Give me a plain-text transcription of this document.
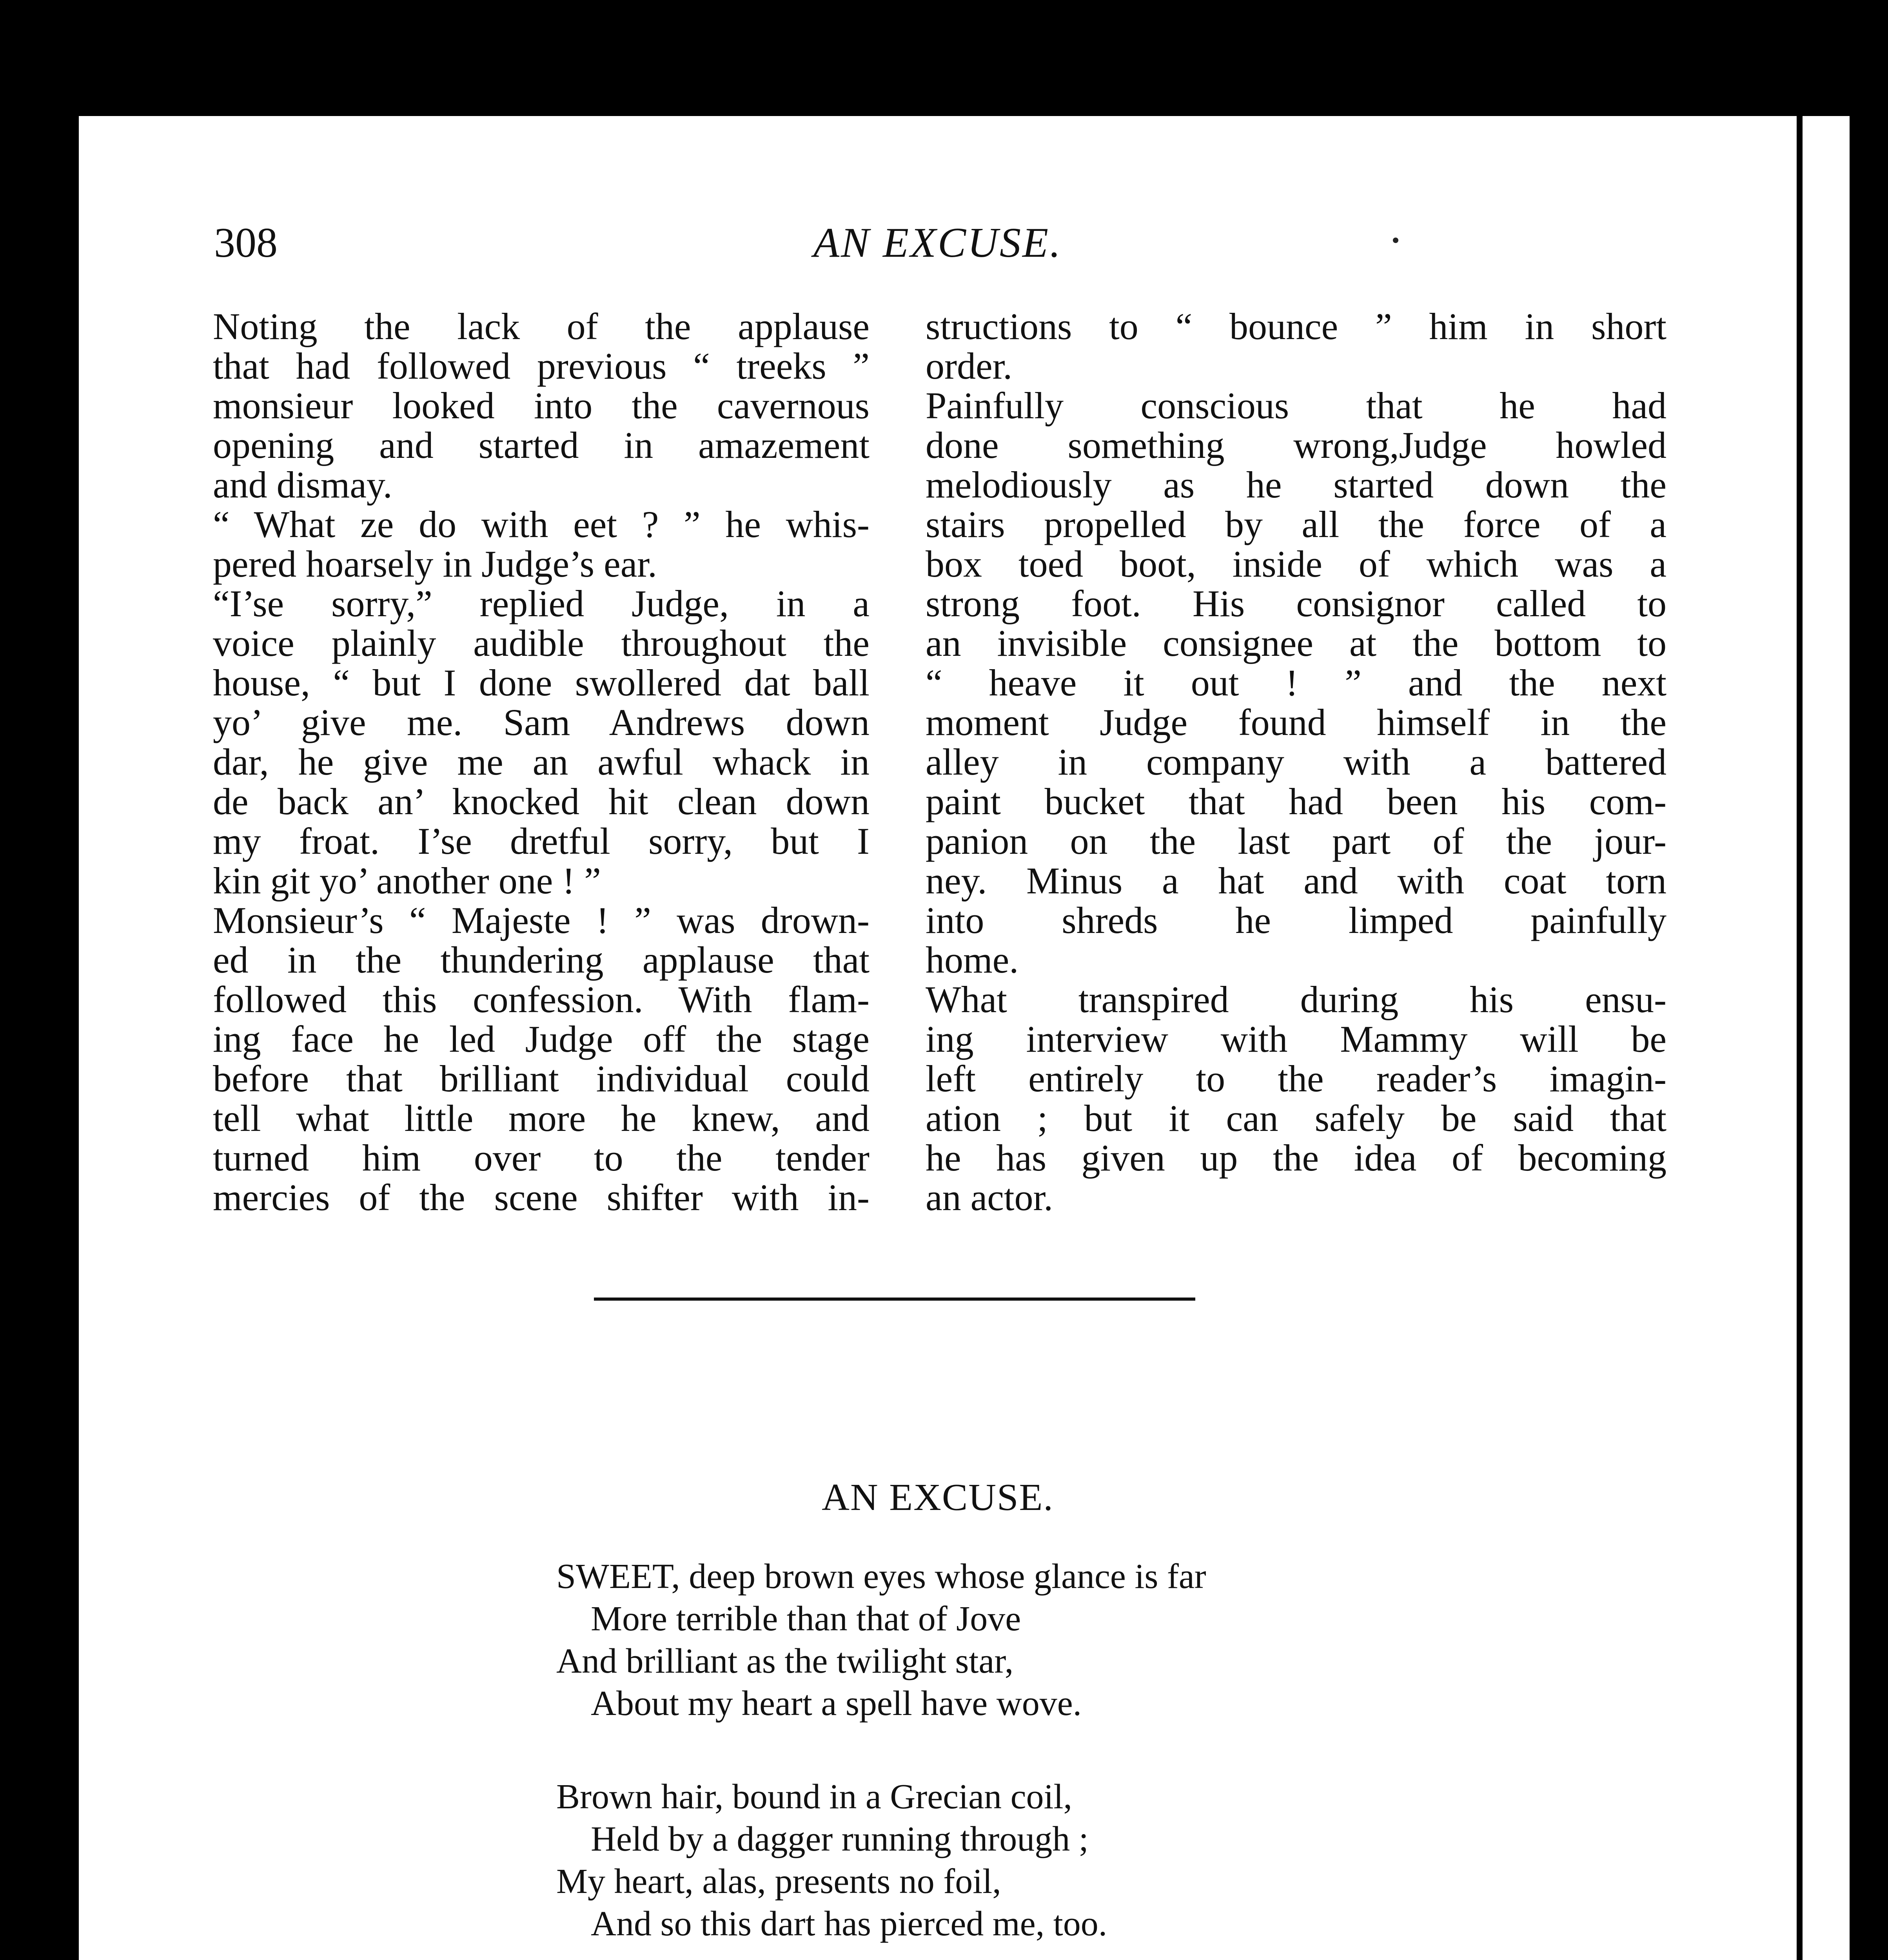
308	AN EXCUSE.
Noting the lack of the applause
that had followed previous “ treeks ”
monsieur looked into the cavernous
opening and started in amazement
and dismay.
“ What ze do with eet ? ” he whis-
pered hoarsely in Judge’s ear.
“I’se sorry,” replied Judge, in a
voice plainly audible throughout the
house, “ but I done swollered dat ball
yo’ give me. Sam Andrews down
dar, he give me an awful whack in
de back an’ knocked hit clean down
my froat. I’se dretful sorry, but I
kin git yo’ another one ! ”
Monsieur’s “ Majeste ! ” was drown-
ed in the thundering applause that
followed this confession. With flam-
ing face he led Judge off the stage
before that brilliant individual could
tell what little more he knew, and
turned him over to the tender
mercies of the scene shifter with in-
structions to “ bounce ” him in short
order.
Painfully conscious that he had
done something wrong,Judge howled
melodiously as he started down the
stairs propelled by all the force of a
box toed boot, inside of which was a
strong foot. His consignor called to
an invisible consignee at the bottom to
“ heave it out ! ” and the next
moment Judge found himself in the
alley in company with a battered
paint bucket that had been his com-
panion on the last part of the jour-
ney. Minus a hat and with coat torn
into shreds he limped painfully
home.
What transpired during his ensu-
ing interview with Mammy will be
left entirely to the reader’s imagin-
ation ; but it can safely be said that
he has given up the idea of becoming
an actor.
AN EXCUSE.
SWEET, deep brown eyes whose glance is far
More terrible than that of Jove
And brilliant as the twilight star,
About my heart a spell have wove.
Brown hair, bound in a Grecian coil,
Held by a dagger running through ;
My heart, alas, presents no foil,
And so this dart has pierced me, too.
